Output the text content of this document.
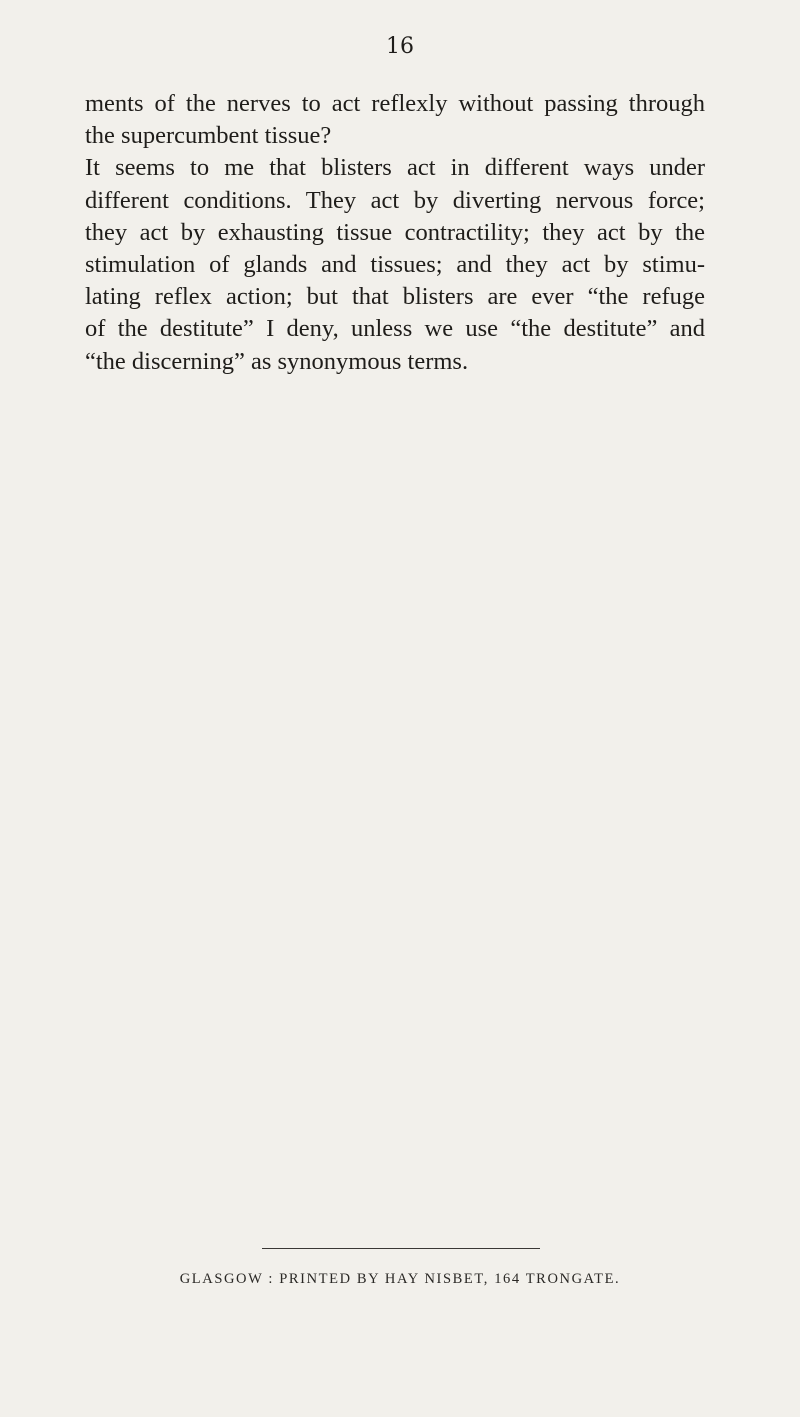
16
ments of the nerves to act reflexly without passing through
the supercumbent tissue?
It seems to me that blisters act in different ways under
different conditions. They act by diverting nervous force;
they act by exhausting tissue contractility; they act by the
stimulation of glands and tissues; and they act by stimu-
lating reflex action; but that blisters are ever “the refuge
of the destitute” I deny, unless we use “the destitute” and
“the discerning” as synonymous terms.
GLASGOW : PRINTED BY HAY NISBET, 164 TRONGATE.
